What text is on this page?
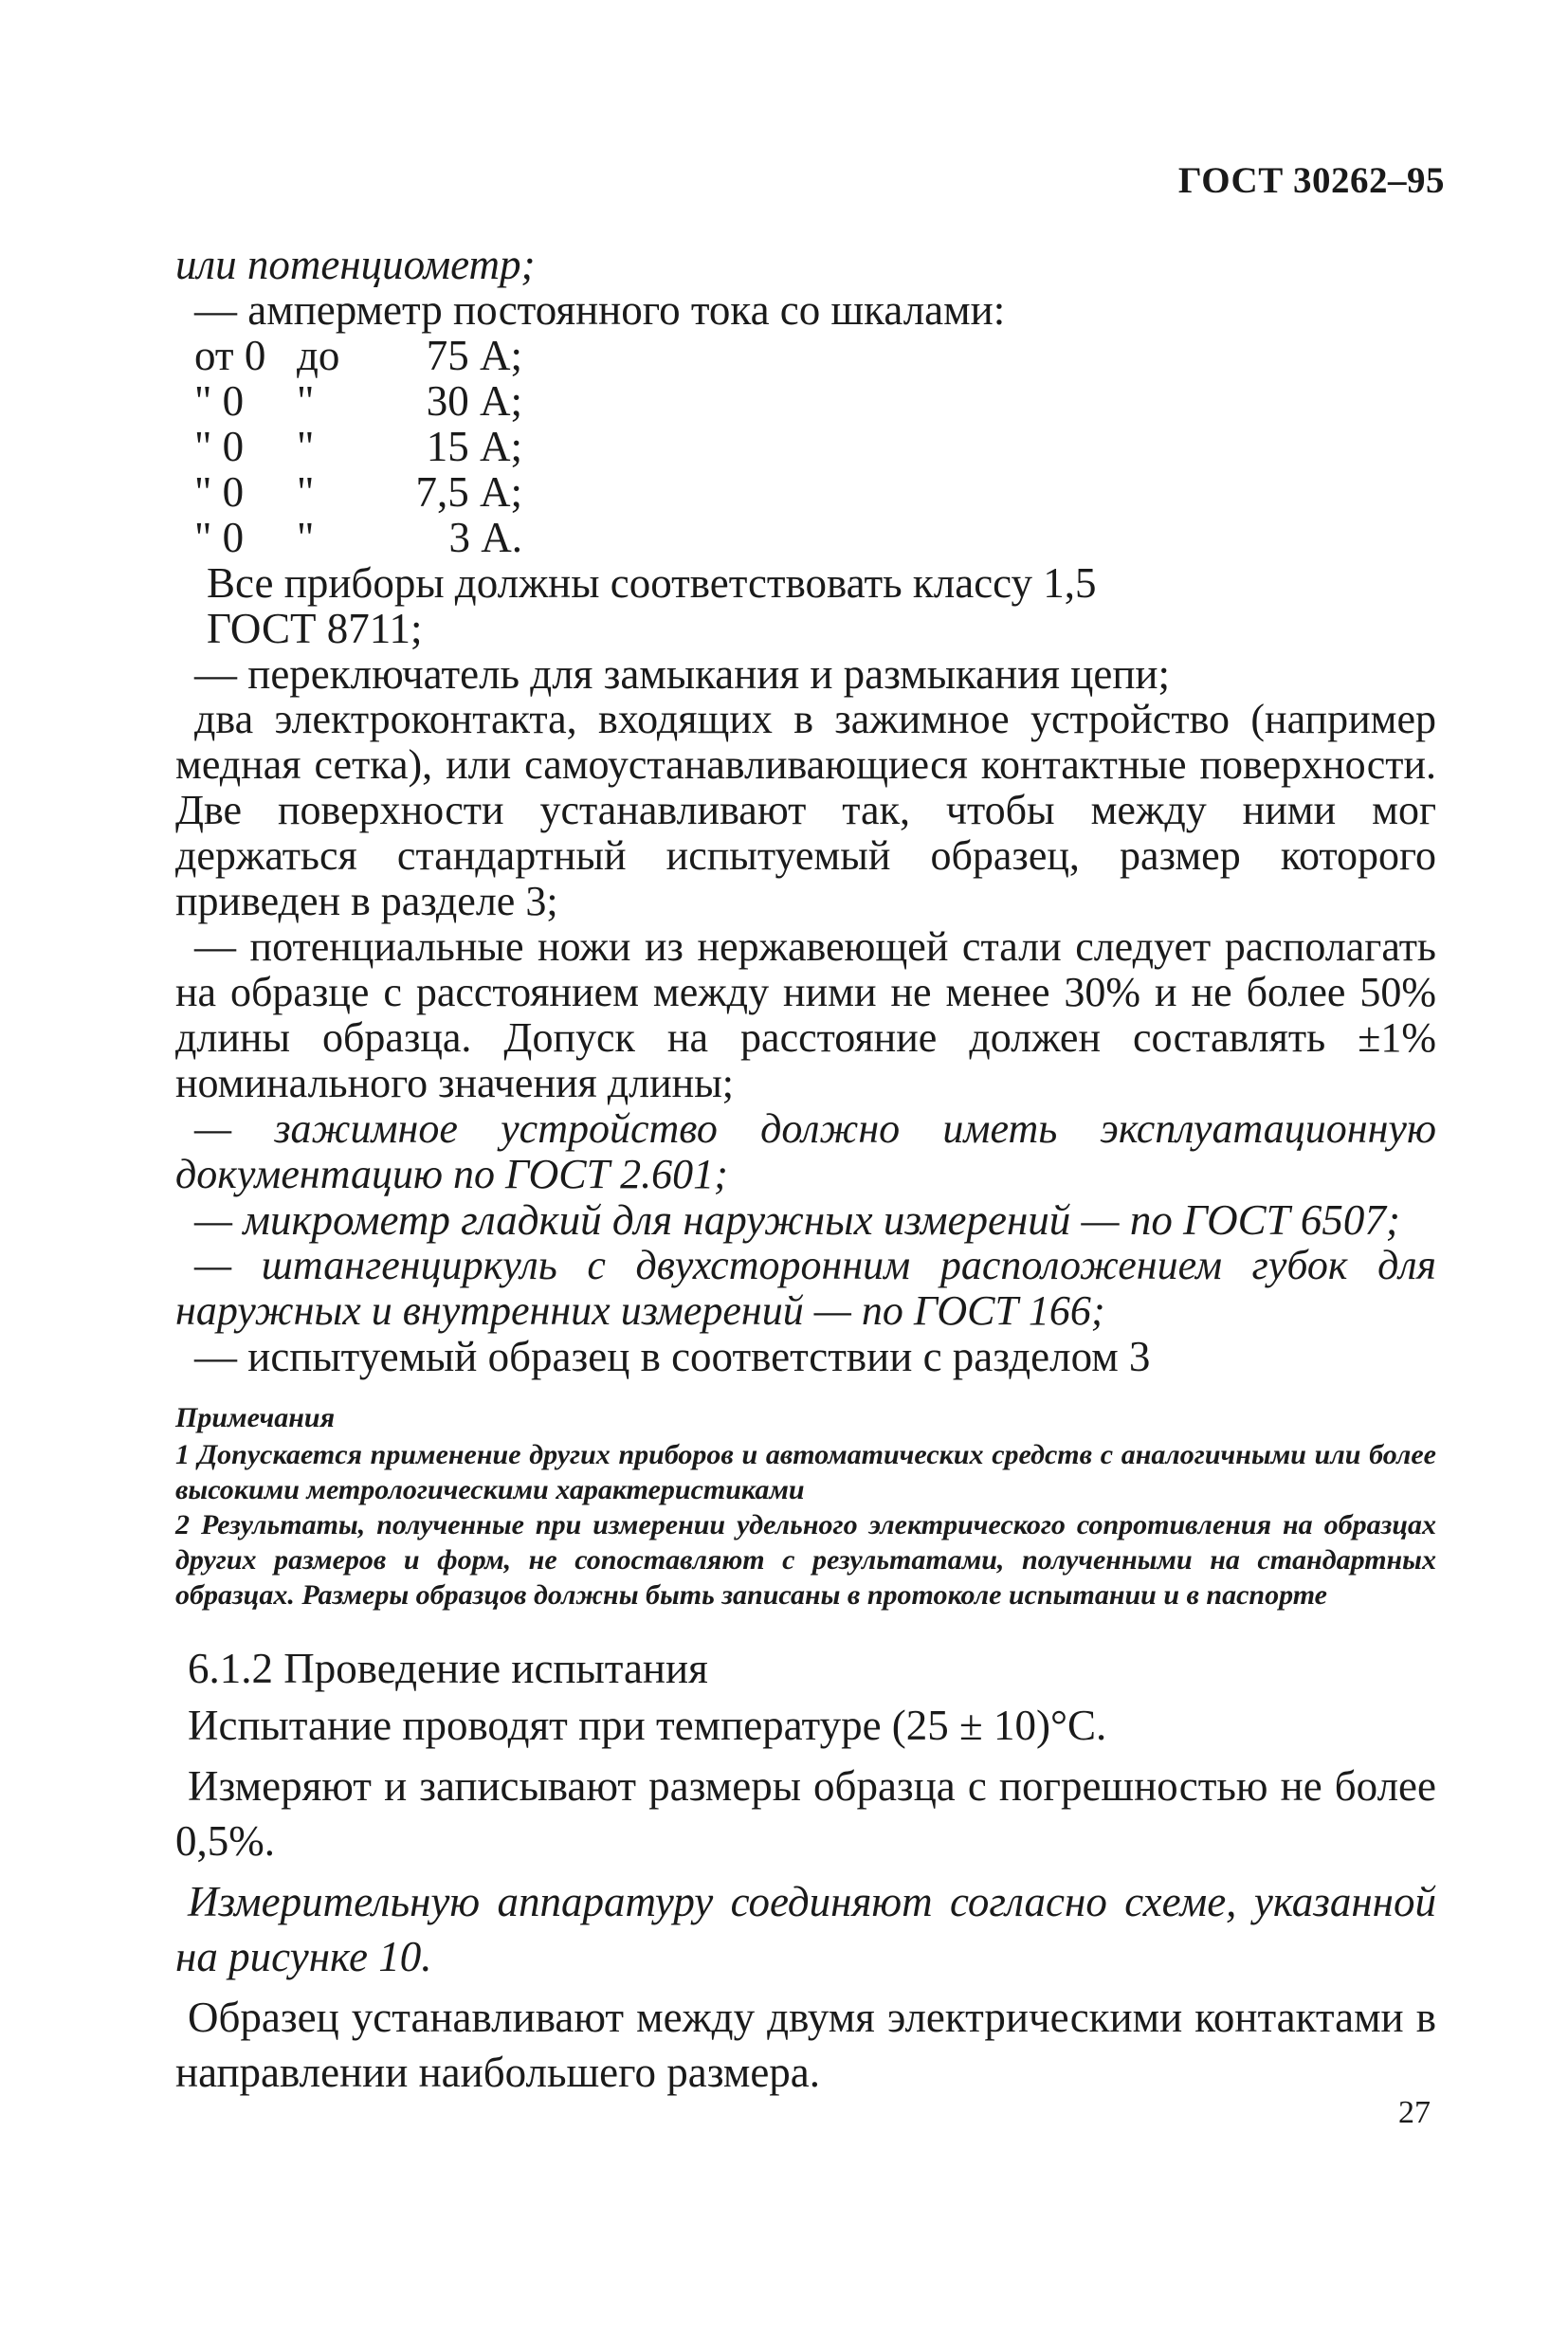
ГОСТ 30262–95

или потенциометр;

— амперметр постоянного тока со шкалами:

от 0	до	75 А;
" 0	"	30 А;
" 0	"	15 А;
" 0	"	7,5 А;
" 0	"	3 А.

Все приборы должны соответствовать классу 1,5

ГОСТ 8711;

— переключатель для замыкания и размыкания цепи;

два электроконтакта, входящих в зажимное устройство (например медная сетка), или самоустанавливающиеся контактные поверхности. Две поверхности устанавливают так, чтобы между ними мог держаться стандартный испытуемый образец, размер которого приведен в разделе 3;

— потенциальные ножи из нержавеющей стали следует располагать на образце с расстоянием между ними не менее 30% и не более 50% длины образца. Допуск на расстояние должен составлять ±1% номинального значения длины;

— зажимное устройство должно иметь эксплуатационную документацию по ГОСТ 2.601;

— микрометр гладкий для наружных измерений — по ГОСТ 6507;

— штангенциркуль с двухсторонним расположением губок для наружных и внутренних измерений — по ГОСТ 166;

— испытуемый образец в соответствии с разделом 3

Примечания

1 Допускается применение других приборов и автоматических средств с аналогичными или более высокими метрологическими характеристиками

2 Результаты, полученные при измерении удельного электрического сопротивления на образцах других размеров и форм, не сопоставляют с результатами, полученными на стандартных образцах. Размеры образцов должны быть записаны в протоколе испытании и в паспорте

6.1.2 Проведение испытания

Испытание проводят при температуре (25 ± 10)°С.

Измеряют и записывают размеры образца с погрешностью не более 0,5%.

Измерительную аппаратуру соединяют согласно схеме, указанной на рисунке 10.

Образец устанавливают между двумя электрическими контактами в направлении наибольшего размера.

27
